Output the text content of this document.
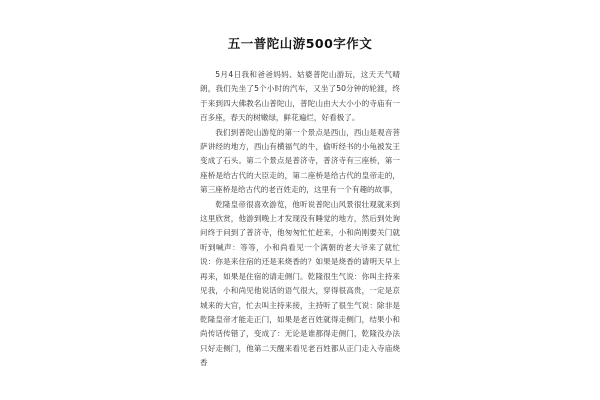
五一普陀山游500字作文

5月4日我和爸爸妈妈、姑婆普陀山游玩，这天天气晴朗，我们先坐了5个小时的汽车，又坐了50分钟的轮渡，终于来到四大佛教名山普陀山，普陀山由大大小小的寺庙有一百多座，春天的树嫩绿，鲜花遍烂，好看极了。

我们到普陀山游览的第一个景点是西山，西山是观音菩萨讲经的地方，西山有横福气的牛，偷听经书的小龟被发王变成了石头。第二个景点是普济寺，普济寺有三座桥，第一座桥是给古代的大臣走的，第二座桥是给古代的皇帝走的，第三座桥是给古代的老百姓走的，这里有一个有趣的故事，

乾隆皇帝很喜欢游览，他听说普陀山风景很壮观就来到这里欣赏，他游到晚上才发现没有睡觉的地方，然后到处询问终于问到了普济寺，他匆匆忙忙赶来，小和尚刚要关门就听到喊声：等等，小和尚看见一个满朝的老大爷来了就忙说：你是来住宿的还是来烧香的？如果是烧香的请明天早上再来，如果是住宿的请走侧门。乾隆很生气说：你叫主持来见我，小和尚见他说话的语气很大，穿得很高贵，一定是京城来的大官，忙去叫主持来接，主持听了很生气说：除非是乾隆皇帝才能走正门，如果是老百姓就得走侧门，结果小和尚传话传错了，变成了：无论是谁都得走侧门，乾隆没办法只好走侧门，他第二天醒来看见老百姓都从正门走入寺庙烧香
